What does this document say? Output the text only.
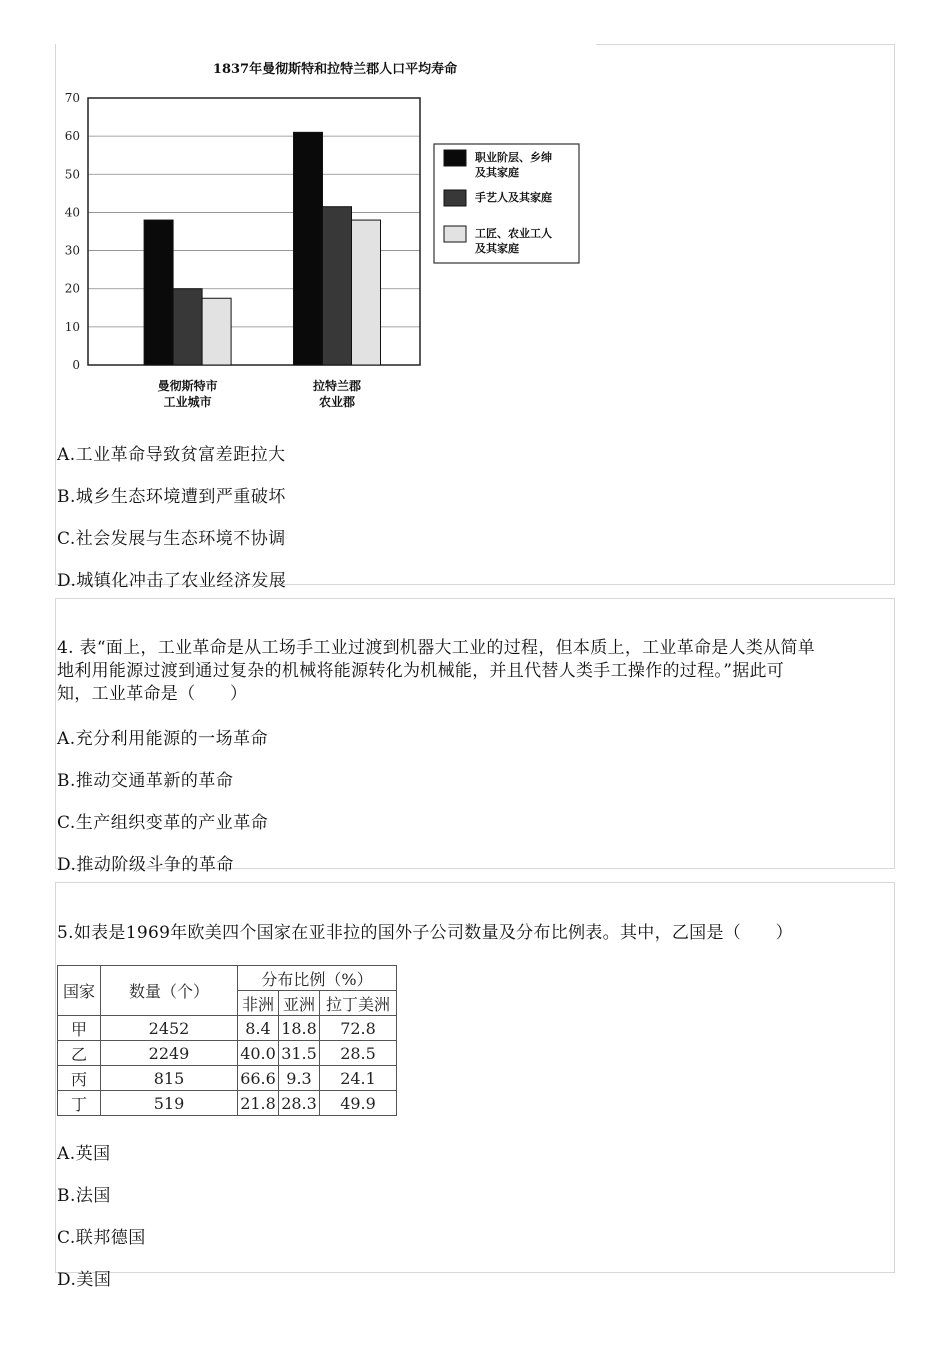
1837年曼彻斯特和拉特兰郡人口平均寿命
0
10
20
30
40
50
60
70
曼彻斯特市
工业城市
拉特兰郡
农业郡
职业阶层、乡绅
及其家庭
手艺人及其家庭
工匠、农业工人
及其家庭
A.工业革命导致贫富差距拉大
B.城乡生态环境遭到严重破坏
C.社会发展与生态环境不协调
D.城镇化冲击了农业经济发展
4. 表“面上，工业革命是从工场手工业过渡到机器大工业的过程，但本质上，工业革命是人类从简单
地利用能源过渡到通过复杂的机械将能源转化为机械能，并且代替人类手工操作的过程。”据此可
知，工业革命是（　　）
A.充分利用能源的一场革命
B.推动交通革新的革命
C.生产组织变革的产业革命
D.推动阶级斗争的革命
5.如表是1969年欧美四个国家在亚非拉的国外子公司数量及分布比例表。其中，乙国是（　　）
国家	数量（个）	分布比例（%）		
		非洲	亚洲	拉丁美洲
甲	2452	8.4	18.8	72.8
乙	2249	40.0	31.5	28.5
丙	815	66.6	9.3	24.1
丁	519	21.8	28.3	49.9
A.英国
B.法国
C.联邦德国
D.美国
